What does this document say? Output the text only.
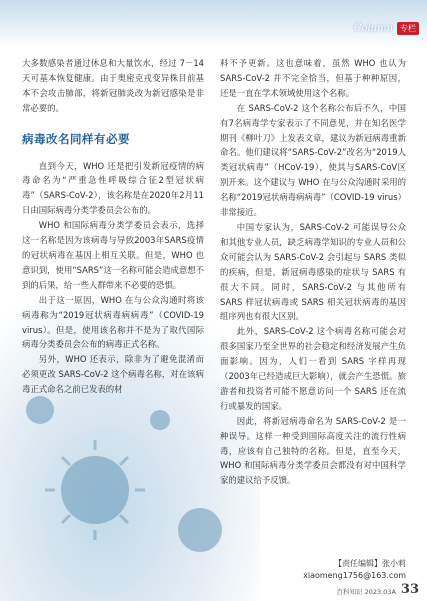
Column 专栏

大多数感染者通过休息和大量饮水，经过 7－14天可基本恢复健康。由于奥密克戎变异株目前基本不会攻击肺部，将新冠肺炎改为新冠感染是非常必要的。

病毒改名同样有必要

直到今天，WHO 还是把引发新冠疫情的病毒命名为“严重急性呼吸综合征2型冠状病毒”（SARS-CoV-2），该名称是在2020年2月11日由国际病毒分类学委员会公布的。

WHO 和国际病毒分类学委员会表示，选择这一名称是因为该病毒与导致2003年SARS疫情的冠状病毒在基因上相互关联。但是，WHO 也意识到，使用“SARS”这一名称可能会造成意想不到的后果，给一些人群带来不必要的恐惧。

出于这一原因，WHO 在与公众沟通时将该病毒称为“2019冠状病毒病病毒”（COVID-19 virus）。但是，使用该名称并不是为了取代国际病毒分类委员会公布的病毒正式名称。

另外，WHO 还表示，除非为了避免混淆而必须更改 SARS-CoV-2 这个病毒名称，对在该病毒正式命名之前已发表的材

料不予更新。这也意味着，虽然 WHO 也认为 SARS-CoV-2 并不完全恰当，但基于种种原因，还是一直在学术领域使用这个名称。

在 SARS-CoV-2 这个名称公布后不久，中国有7名病毒学专家表示了不同意见，并在知名医学期刊《柳叶刀》上发表文章，建议为新冠病毒重新命名。他们建议将“SARS-CoV-2”改名为“2019人类冠状病毒”（HCoV-19），使其与SARS-CoV区别开来。这个建议与 WHO 在与公众沟通时采用的名称“2019冠状病毒病病毒”（COVID-19 virus）非常接近。

中国专家认为，SARS-CoV-2 可能误导公众和其他专业人员，缺乏病毒学知识的专业人员和公众可能会认为 SARS-CoV-2 会引起与 SARS 类似的疾病，但是，新冠病毒感染的症状与 SARS 有很大不同。同时，SARS-CoV-2 与其他所有 SARS 样冠状病毒或 SARS 相关冠状病毒的基因组序列也有很大区别。

此外，SARS-CoV-2 这个病毒名称可能会对很多国家乃至全世界的社会稳定和经济发展产生负面影响。因为，人们一看到 SARS 字样再现（2003年已经造成巨大影响），就会产生恐慌。旅游者和投资者可能不愿意访问一个 SARS 还在流行或暴发的国家。

因此，将新冠病毒命名为 SARS-CoV-2 是一种误导。这样一种受到国际高度关注的流行性病毒，应该有自己独特的名称。但是，直至今天，WHO 和国际病毒分类学委员会都没有对中国科学家的建议给予反馈。

【责任编辑】张小莉
xiaomeng1756@163.com
百科知识 2023.03A 33
